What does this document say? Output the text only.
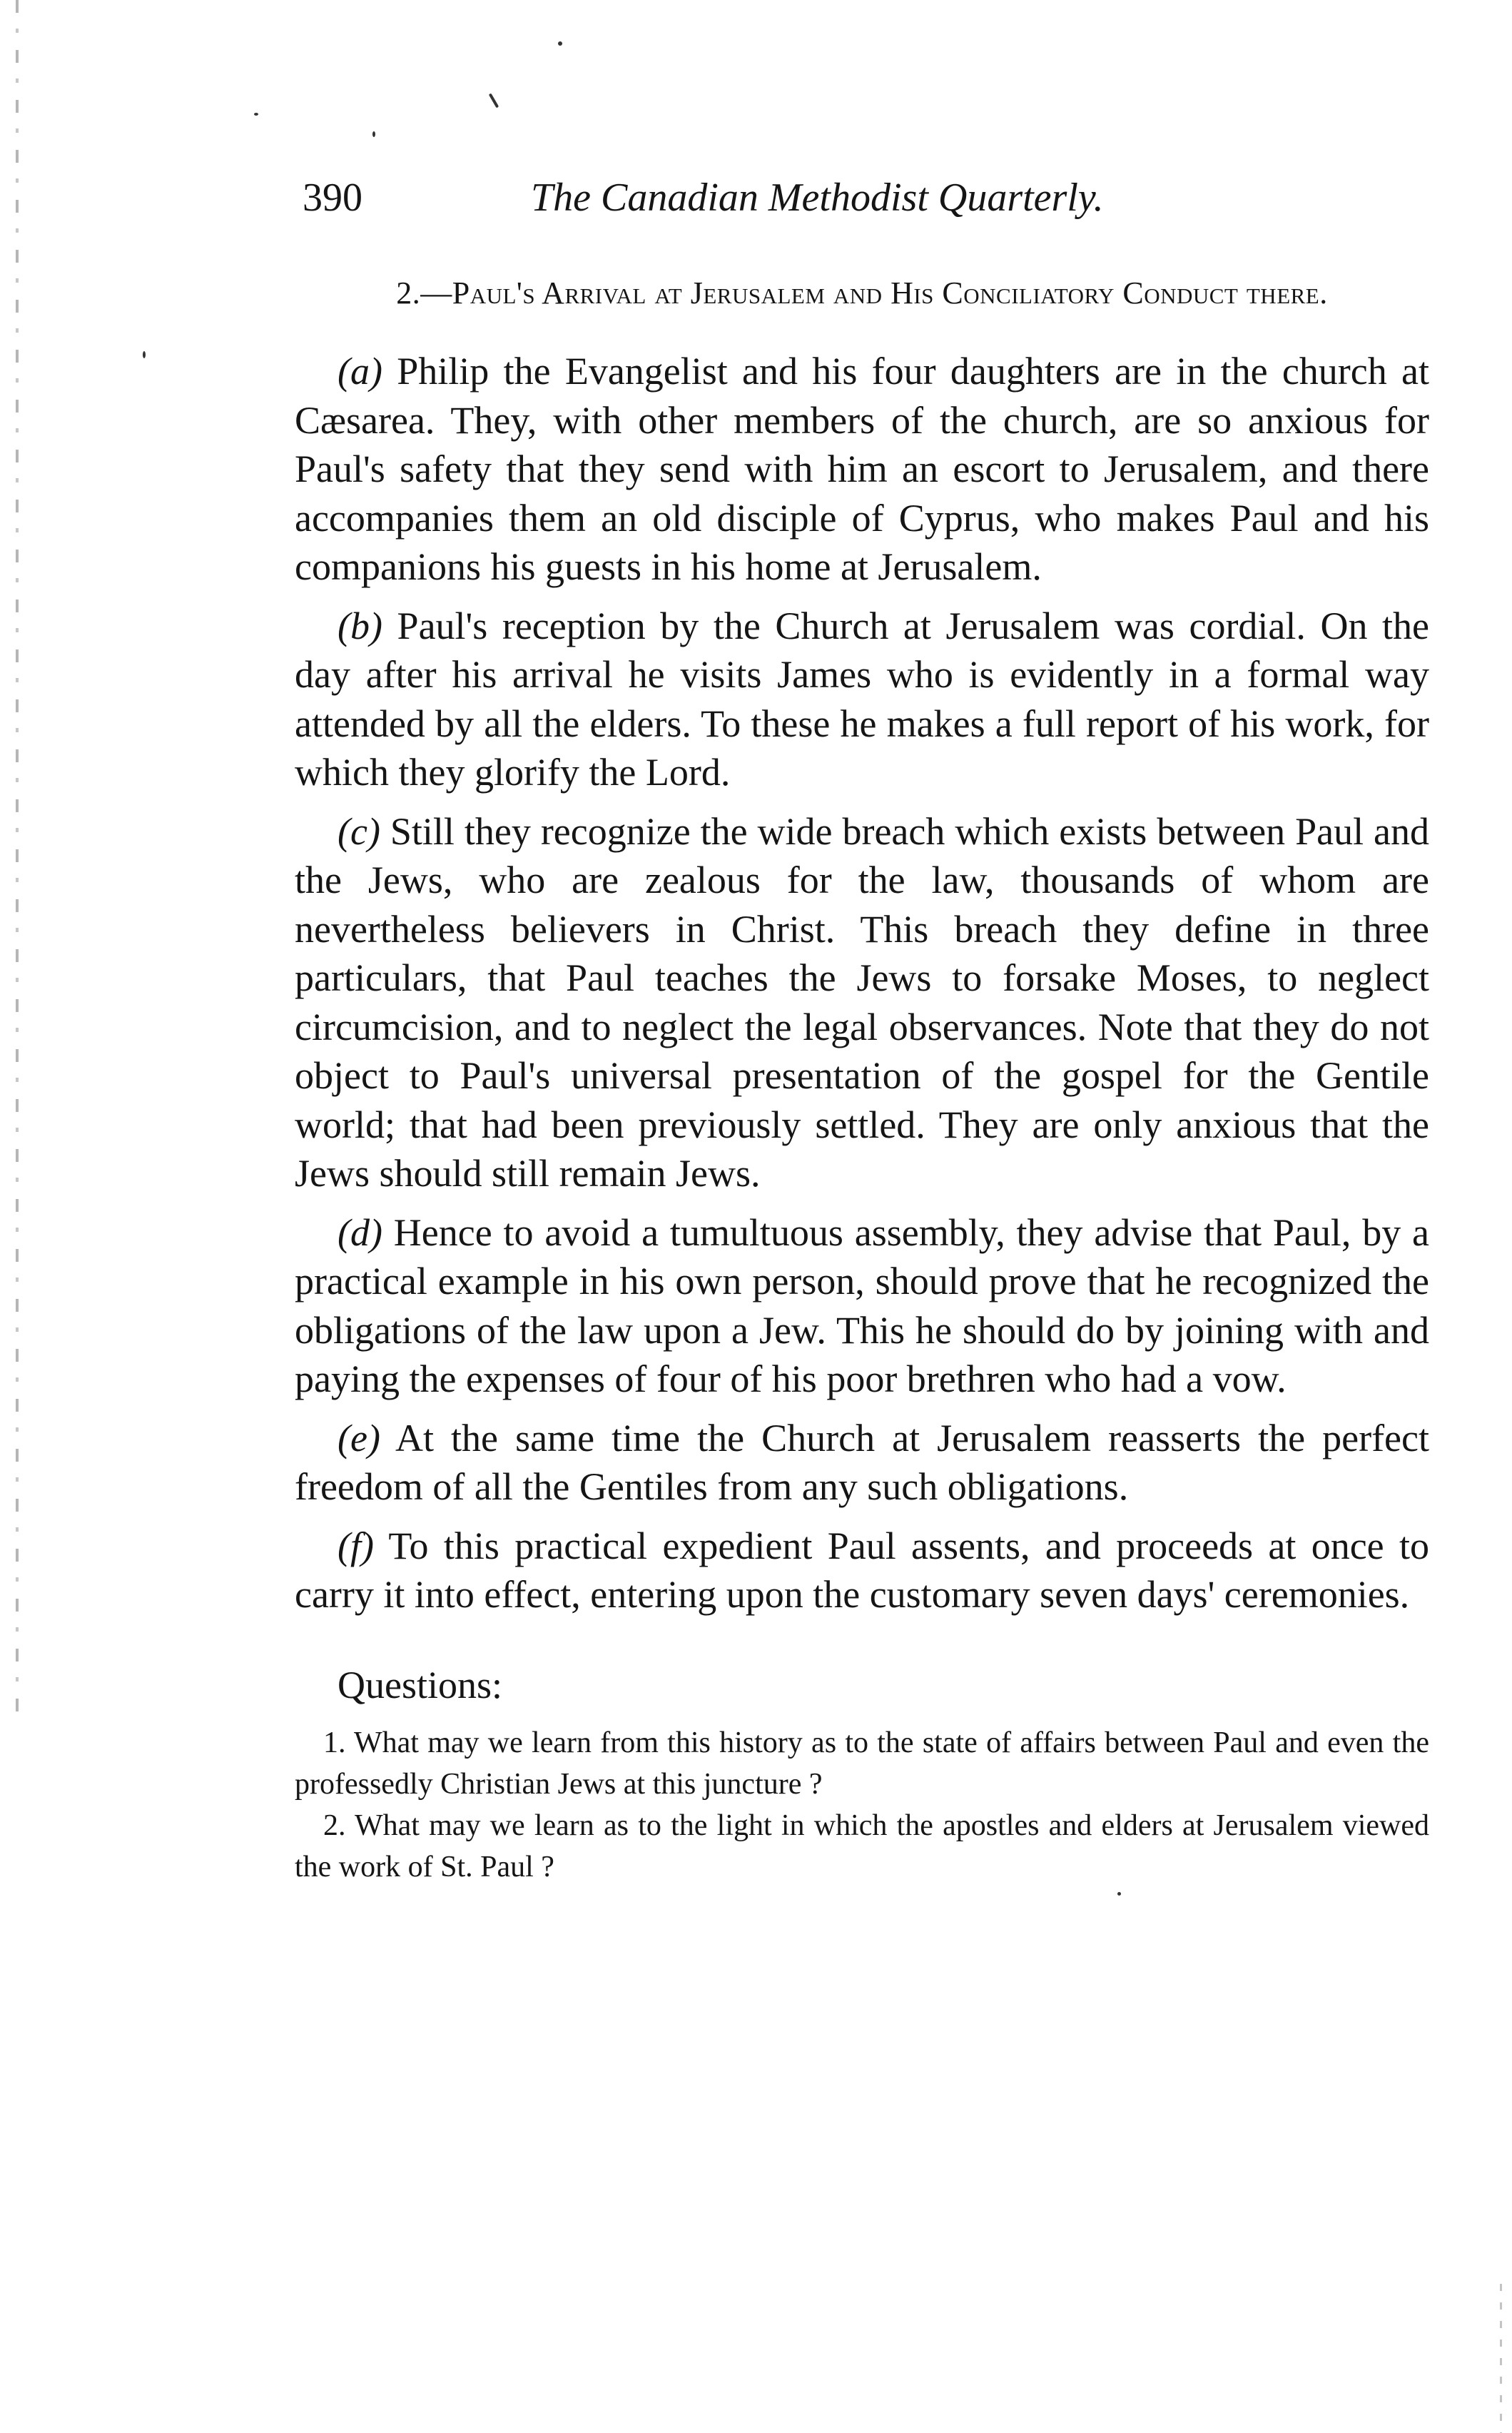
390	The Canadian Methodist Quarterly.
2.—Paul's Arrival at Jerusalem and His Conciliatory Conduct there.

(a) Philip the Evangelist and his four daughters are in the church at Cæsarea. They, with other members of the church, are so anxious for Paul's safety that they send with him an escort to Jerusalem, and there accompanies them an old disciple of Cyprus, who makes Paul and his companions his guests in his home at Jerusalem.

(b) Paul's reception by the Church at Jerusalem was cordial. On the day after his arrival he visits James who is evidently in a formal way attended by all the elders. To these he makes a full report of his work, for which they glorify the Lord.

(c) Still they recognize the wide breach which exists between Paul and the Jews, who are zealous for the law, thousands of whom are nevertheless believers in Christ. This breach they define in three particulars, that Paul teaches the Jews to forsake Moses, to neglect circumcision, and to neglect the legal observances. Note that they do not object to Paul's universal presentation of the gospel for the Gentile world; that had been previously settled. They are only anxious that the Jews should still remain Jews.

(d) Hence to avoid a tumultuous assembly, they advise that Paul, by a practical example in his own person, should prove that he recognized the obligations of the law upon a Jew. This he should do by joining with and paying the expenses of four of his poor brethren who had a vow.

(e) At the same time the Church at Jerusalem reasserts the perfect freedom of all the Gentiles from any such obligations.

(f) To this practical expedient Paul assents, and proceeds at once to carry it into effect, entering upon the customary seven days' ceremonies.

Questions:

1. What may we learn from this history as to the state of affairs between Paul and even the professedly Christian Jews at this juncture ?

2. What may we learn as to the light in which the apostles and elders at Jerusalem viewed the work of St. Paul ?
